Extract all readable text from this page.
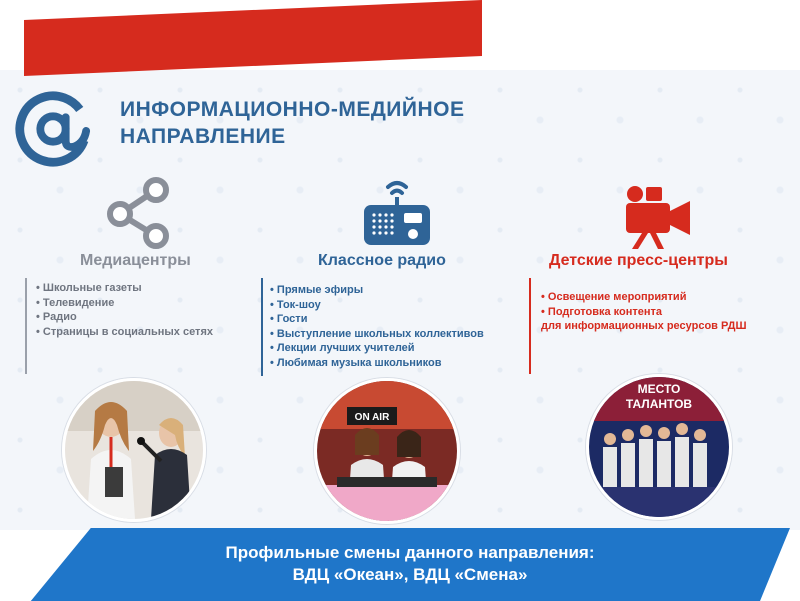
ИНФОРМАЦИОННО-МЕДИЙНОЕ
НАПРАВЛЕНИЕ
Медиацентры
• Школьные газеты
• Телевидение
• Радио
• Страницы в социальных сетях
Классное радио
• Прямые эфиры
• Ток-шоу
• Гости
• Выступление школьных коллективов
• Лекции лучших учителей
• Любимая музыка школьников
Детские пресс-центры
• Освещение мероприятий
• Подготовка контента
для информационных ресурсов РДШ
ON AIR
МЕСТО
ТАЛАНТОВ
Профильные смены данного направления:
ВДЦ «Океан», ВДЦ «Смена»
